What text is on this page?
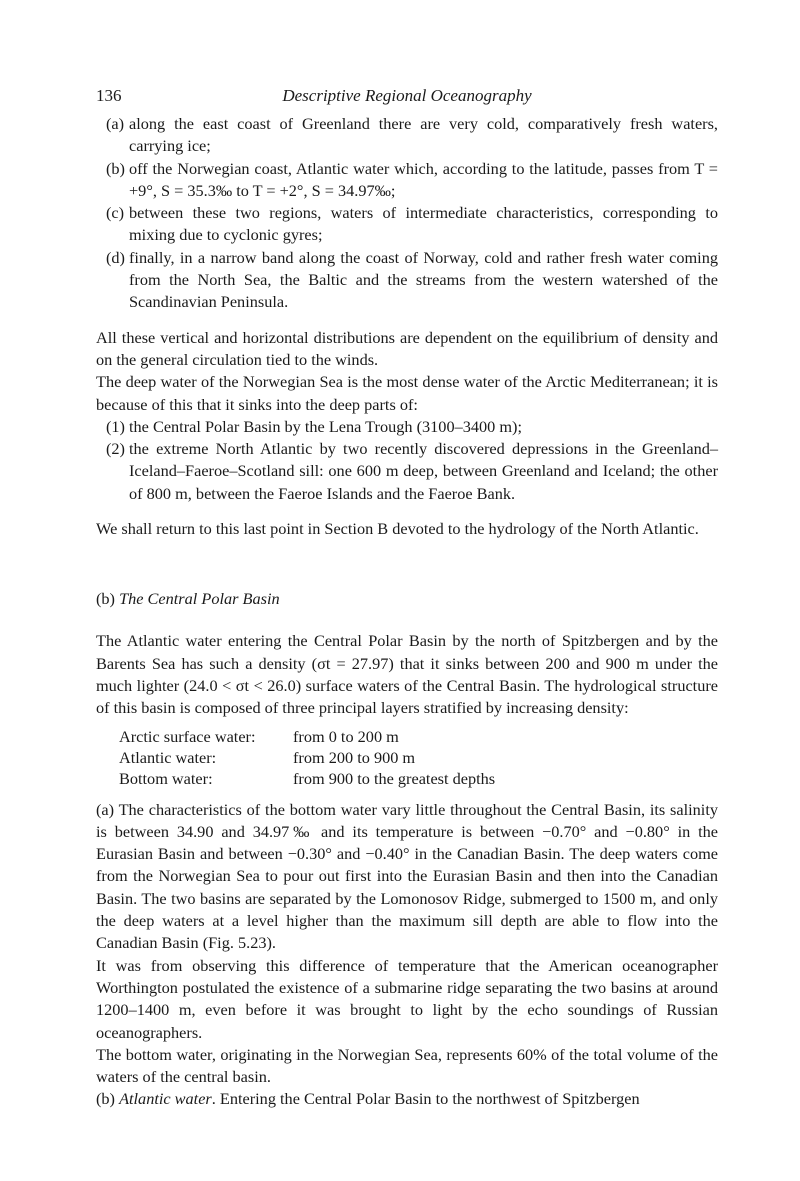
136	Descriptive Regional Oceanography
(a) along the east coast of Greenland there are very cold, comparatively fresh waters, carrying ice;
(b) off the Norwegian coast, Atlantic water which, according to the latitude, passes from T = +9°, S = 35.3‰ to T = +2°, S = 34.97‰;
(c) between these two regions, waters of intermediate characteristics, corresponding to mixing due to cyclonic gyres;
(d) finally, in a narrow band along the coast of Norway, cold and rather fresh water coming from the North Sea, the Baltic and the streams from the western watershed of the Scandinavian Peninsula.

All these vertical and horizontal distributions are dependent on the equilibrium of density and on the general circulation tied to the winds.

The deep water of the Norwegian Sea is the most dense water of the Arctic Mediterranean; it is because of this that it sinks into the deep parts of:

(1) the Central Polar Basin by the Lena Trough (3100–3400 m);
(2) the extreme North Atlantic by two recently discovered depressions in the Greenland–Iceland–Faeroe–Scotland sill: one 600 m deep, between Greenland and Iceland; the other of 800 m, between the Faeroe Islands and the Faeroe Bank.

We shall return to this last point in Section B devoted to the hydrology of the North Atlantic.

(b) The Central Polar Basin

The Atlantic water entering the Central Polar Basin by the north of Spitzbergen and by the Barents Sea has such a density (σt = 27.97) that it sinks between 200 and 900 m under the much lighter (24.0 < σt < 26.0) surface waters of the Central Basin. The hydrological structure of this basin is composed of three principal layers stratified by increasing density:

Arctic surface water:	from 0 to 200 m
Atlantic water:	from 200 to 900 m
Bottom water:	from 900 to the greatest depths

(a) The characteristics of the bottom water vary little throughout the Central Basin, its salinity is between 34.90 and 34.97‰ and its temperature is between −0.70° and −0.80° in the Eurasian Basin and between −0.30° and −0.40° in the Canadian Basin. The deep waters come from the Norwegian Sea to pour out first into the Eurasian Basin and then into the Canadian Basin. The two basins are separated by the Lomonosov Ridge, submerged to 1500 m, and only the deep waters at a level higher than the maximum sill depth are able to flow into the Canadian Basin (Fig. 5.23).

It was from observing this difference of temperature that the American oceanographer Worthington postulated the existence of a submarine ridge separating the two basins at around 1200–1400 m, even before it was brought to light by the echo soundings of Russian oceanographers.

The bottom water, originating in the Norwegian Sea, represents 60% of the total volume of the waters of the central basin.

(b) Atlantic water. Entering the Central Polar Basin to the northwest of Spitzbergen
